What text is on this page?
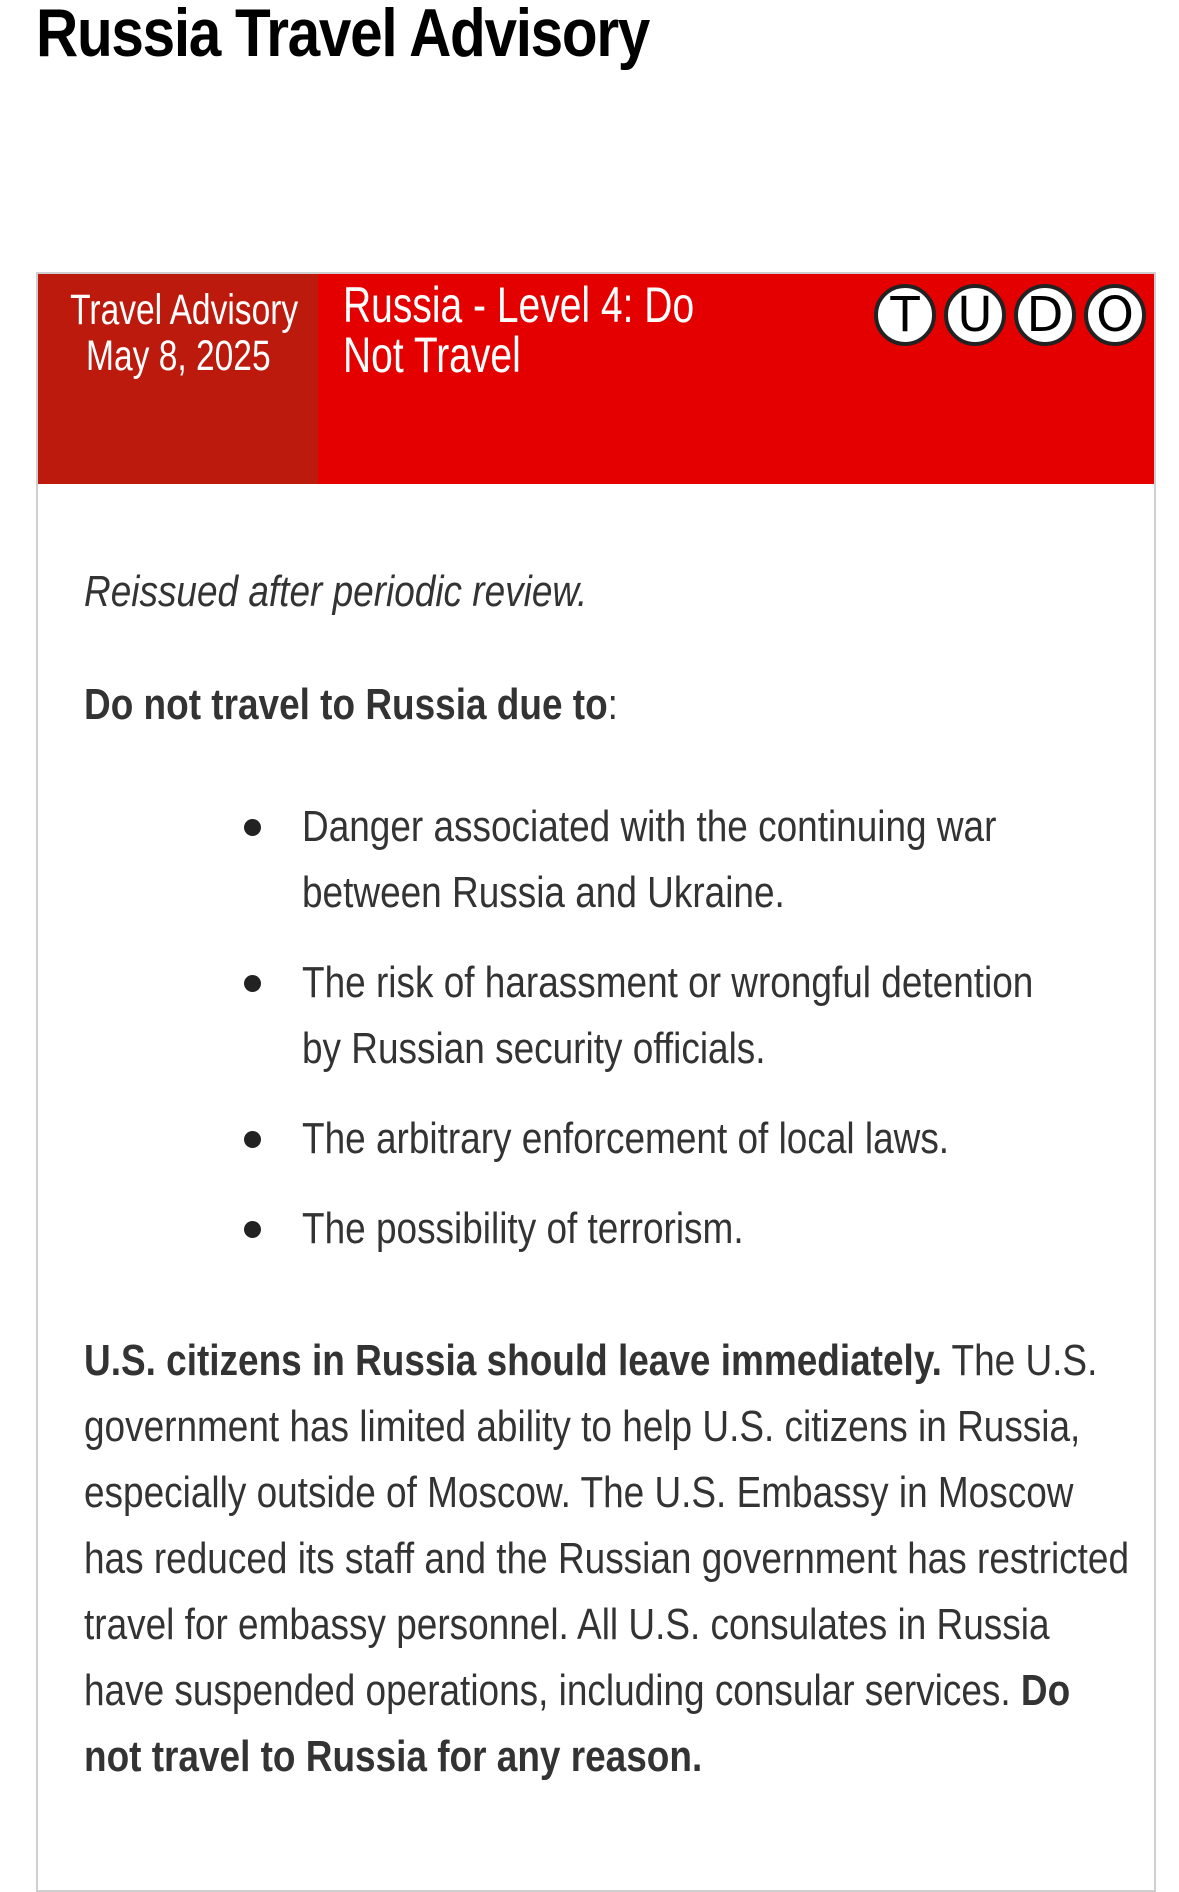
Russia Travel Advisory
Travel Advisory
May 8, 2025
Russia - Level 4: Do Not Travel
T U D O

Reissued after periodic review.

Do not travel to Russia due to:

Danger associated with the continuing war between Russia and Ukraine.
The risk of harassment or wrongful detention by Russian security officials.
The arbitrary enforcement of local laws.
The possibility of terrorism.
U.S. citizens in Russia should leave immediately. The U.S. government has limited ability to help U.S. citizens in Russia, especially outside of Moscow. The U.S. Embassy in Moscow has reduced its staff and the Russian government has restricted travel for embassy personnel. All U.S. consulates in Russia have suspended operations, including consular services. Do not travel to Russia for any reason.
